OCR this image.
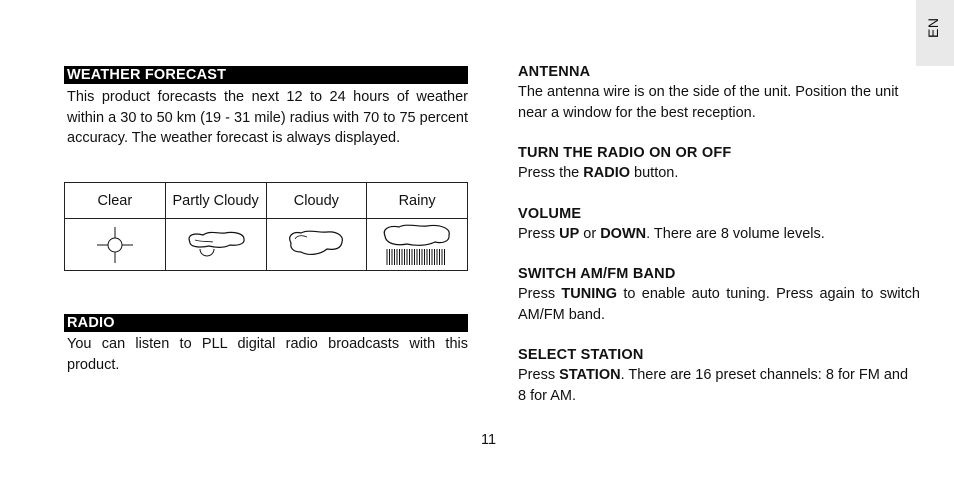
EN
WEATHER FORECAST
This product forecasts the next 12 to 24 hours of weather within a 30 to 50 km (19 - 31 mile) radius with 70 to 75 percent accuracy. The weather forecast is always displayed.
Clear	Partly Cloudy	Cloudy	Rainy

RADIO
You can listen to PLL digital radio broadcasts with this product.
ANTENNA
The antenna wire is on the side of the unit. Position the unit near a window for the best reception.
TURN THE RADIO ON OR OFF
Press the RADIO button.
VOLUME
Press UP or DOWN. There are 8 volume levels.
SWITCH AM/FM BAND
Press TUNING to enable auto tuning. Press again to switch AM/FM band.
SELECT STATION
Press STATION. There are 16 preset channels: 8 for FM and 8 for AM.
11
